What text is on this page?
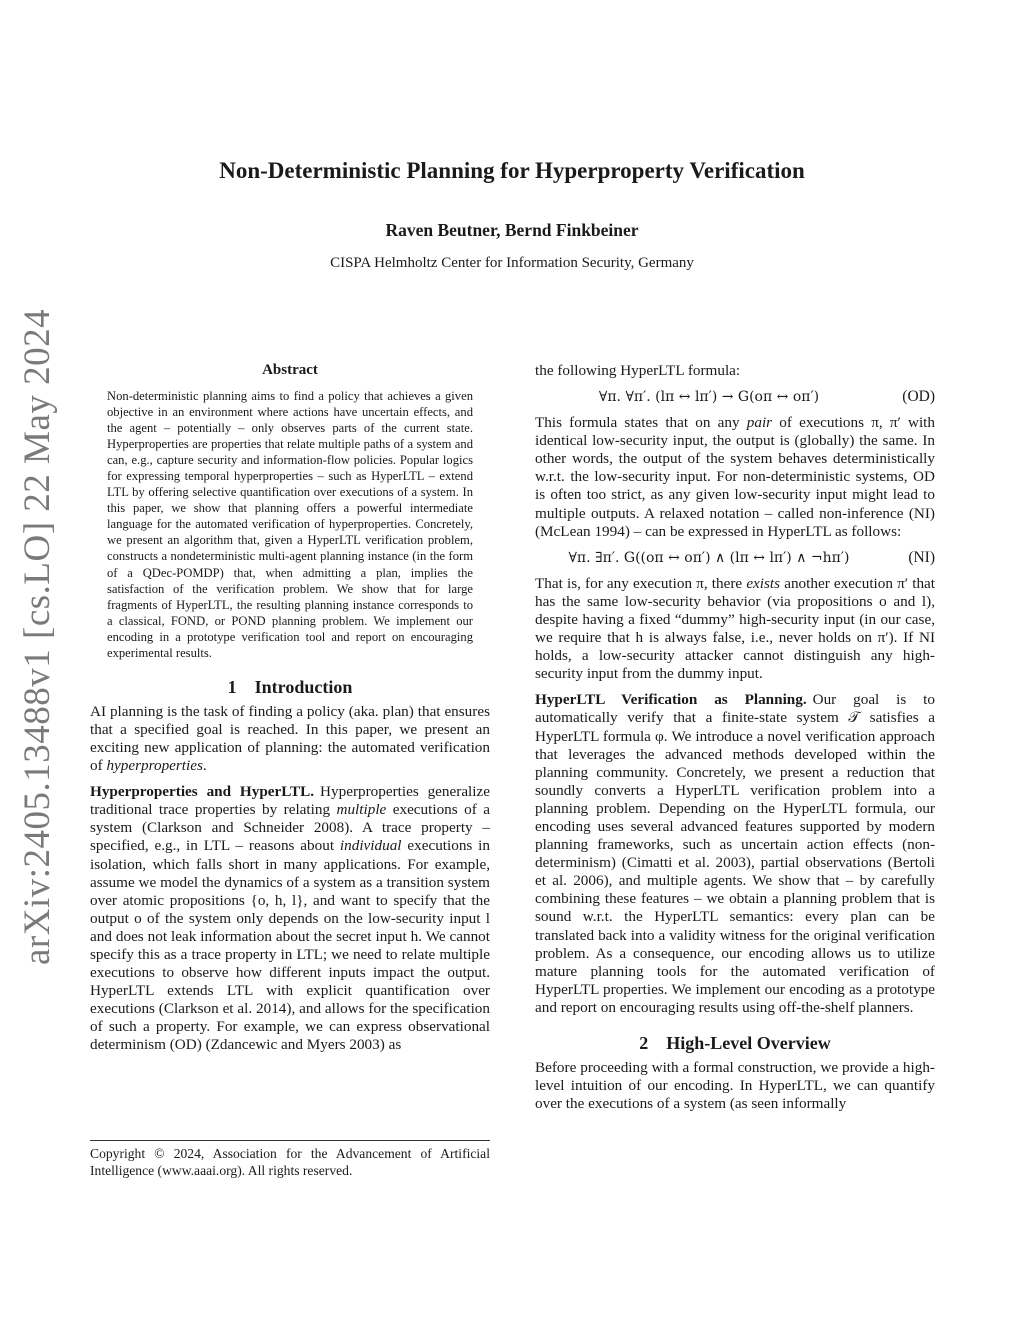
arXiv:2405.13488v1 [cs.LO] 22 May 2024
Non-Deterministic Planning for Hyperproperty Verification
Raven Beutner, Bernd Finkbeiner
CISPA Helmholtz Center for Information Security, Germany
Abstract

Non-deterministic planning aims to find a policy that achieves a given objective in an environment where actions have uncertain effects, and the agent – potentially – only observes parts of the current state. Hyperproperties are properties that relate multiple paths of a system and can, e.g., capture security and information-flow policies. Popular logics for expressing temporal hyperproperties – such as HyperLTL – extend LTL by offering selective quantification over executions of a system. In this paper, we show that planning offers a powerful intermediate language for the automated verification of hyperproperties. Concretely, we present an algorithm that, given a HyperLTL verification problem, constructs a nondeterministic multi-agent planning instance (in the form of a QDec-POMDP) that, when admitting a plan, implies the satisfaction of the verification problem. We show that for large fragments of HyperLTL, the resulting planning instance corresponds to a classical, FOND, or POND planning problem. We implement our encoding in a prototype verification tool and report on encouraging experimental results.

1 Introduction

AI planning is the task of finding a policy (aka. plan) that ensures that a specified goal is reached. In this paper, we present an exciting new application of planning: the automated verification of hyperproperties.

Hyperproperties and HyperLTL. Hyperproperties generalize traditional trace properties by relating multiple executions of a system (Clarkson and Schneider 2008). A trace property – specified, e.g., in LTL – reasons about individual executions in isolation, which falls short in many applications. For example, assume we model the dynamics of a system as a transition system over atomic propositions {o, h, l}, and want to specify that the output o of the system only depends on the low-security input l and does not leak information about the secret input h. We cannot specify this as a trace property in LTL; we need to relate multiple executions to observe how different inputs impact the output. HyperLTL extends LTL with explicit quantification over executions (Clarkson et al. 2014), and allows for the specification of such a property. For example, we can express observational determinism (OD) (Zdancewic and Myers 2003) as

Copyright © 2024, Association for the Advancement of Artificial Intelligence (www.aaai.org). All rights reserved.

the following HyperLTL formula:

∀π. ∀π′. (lπ ↔ lπ′) → G(oπ ↔ oπ′)	(OD)

This formula states that on any pair of executions π, π′ with identical low-security input, the output is (globally) the same. In other words, the output of the system behaves deterministically w.r.t. the low-security input. For non-deterministic systems, OD is often too strict, as any given low-security input might lead to multiple outputs. A relaxed notation – called non-inference (NI) (McLean 1994) – can be expressed in HyperLTL as follows:

∀π. ∃π′. G((oπ ↔ oπ′) ∧ (lπ ↔ lπ′) ∧ ¬hπ′)	(NI)

That is, for any execution π, there exists another execution π′ that has the same low-security behavior (via propositions o and l), despite having a fixed “dummy” high-security input (in our case, we require that h is always false, i.e., never holds on π′). If NI holds, a low-security attacker cannot distinguish any high-security input from the dummy input.

HyperLTL Verification as Planning. Our goal is to automatically verify that a finite-state system 𝒯 satisfies a HyperLTL formula φ. We introduce a novel verification approach that leverages the advanced methods developed within the planning community. Concretely, we present a reduction that soundly converts a HyperLTL verification problem into a planning problem. Depending on the HyperLTL formula, our encoding uses several advanced features supported by modern planning frameworks, such as uncertain action effects (non-determinism) (Cimatti et al. 2003), partial observations (Bertoli et al. 2006), and multiple agents. We show that – by carefully combining these features – we obtain a planning problem that is sound w.r.t. the HyperLTL semantics: every plan can be translated back into a validity witness for the original verification problem. As a consequence, our encoding allows us to utilize mature planning tools for the automated verification of HyperLTL properties. We implement our encoding as a prototype and report on encouraging results using off-the-shelf planners.

2 High-Level Overview

Before proceeding with a formal construction, we provide a high-level intuition of our encoding. In HyperLTL, we can quantify over the executions of a system (as seen informally
